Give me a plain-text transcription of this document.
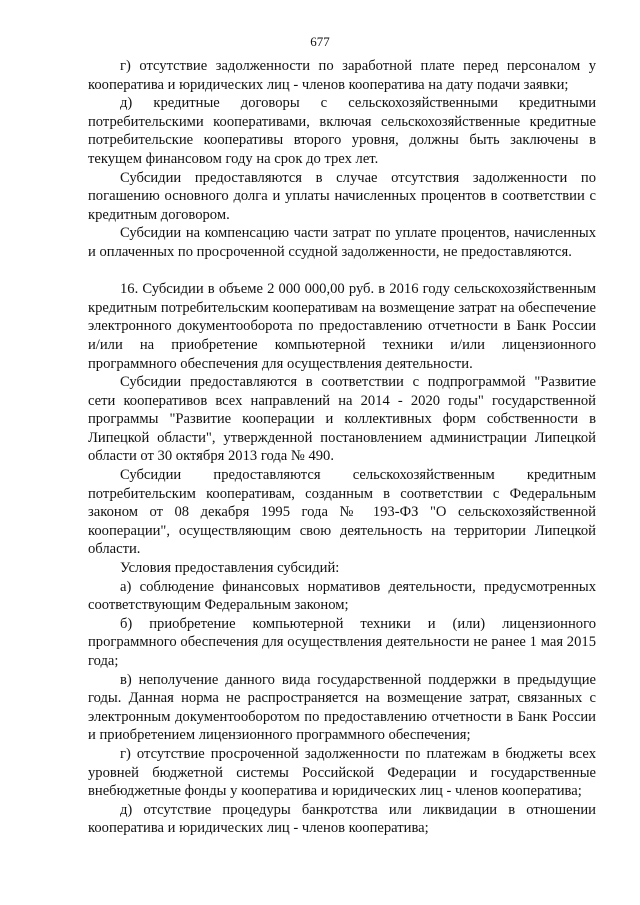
677

г) отсутствие задолженности по заработной плате перед персоналом у кооператива и юридических лиц - членов кооператива на дату подачи заявки;

д) кредитные договоры с сельскохозяйственными кредитными потребительскими кооперативами, включая сельскохозяйственные кредитные потребительские кооперативы второго уровня, должны быть заключены в текущем финансовом году на срок до трех лет.

Субсидии предоставляются в случае отсутствия задолженности по погашению основного долга и уплаты начисленных процентов в соответствии с кредитным договором.

Субсидии на компенсацию части затрат по уплате процентов, начисленных и оплаченных по просроченной ссудной задолженности, не предоставляются.

16. Субсидии в объеме 2 000 000,00 руб. в 2016 году сельскохозяйственным кредитным потребительским кооперативам на возмещение затрат на обеспечение электронного документооборота по предоставлению отчетности в Банк России и/или на приобретение компьютерной техники и/или лицензионного программного обеспечения для осуществления деятельности.

Субсидии предоставляются в соответствии с подпрограммой "Развитие сети кооперативов всех направлений на 2014 - 2020 годы" государственной программы "Развитие кооперации и коллективных форм собственности в Липецкой области", утвержденной постановлением администрации Липецкой области от 30 октября 2013 года № 490.

Субсидии предоставляются сельскохозяйственным кредитным потребительским кооперативам, созданным в соответствии с Федеральным законом от 08 декабря 1995 года № 193-ФЗ "О сельскохозяйственной кооперации", осуществляющим свою деятельность на территории Липецкой области.

Условия предоставления субсидий:

а) соблюдение финансовых нормативов деятельности, предусмотренных соответствующим Федеральным законом;

б) приобретение компьютерной техники и (или) лицензионного программного обеспечения для осуществления деятельности не ранее 1 мая 2015 года;

в) неполучение данного вида государственной поддержки в предыдущие годы. Данная норма не распространяется на возмещение затрат, связанных с электронным документооборотом по предоставлению отчетности в Банк России и приобретением лицензионного программного обеспечения;

г) отсутствие просроченной задолженности по платежам в бюджеты всех уровней бюджетной системы Российской Федерации и государственные внебюджетные фонды у кооператива и юридических лиц - членов кооператива;

д) отсутствие процедуры банкротства или ликвидации в отношении кооператива и юридических лиц - членов кооператива;
